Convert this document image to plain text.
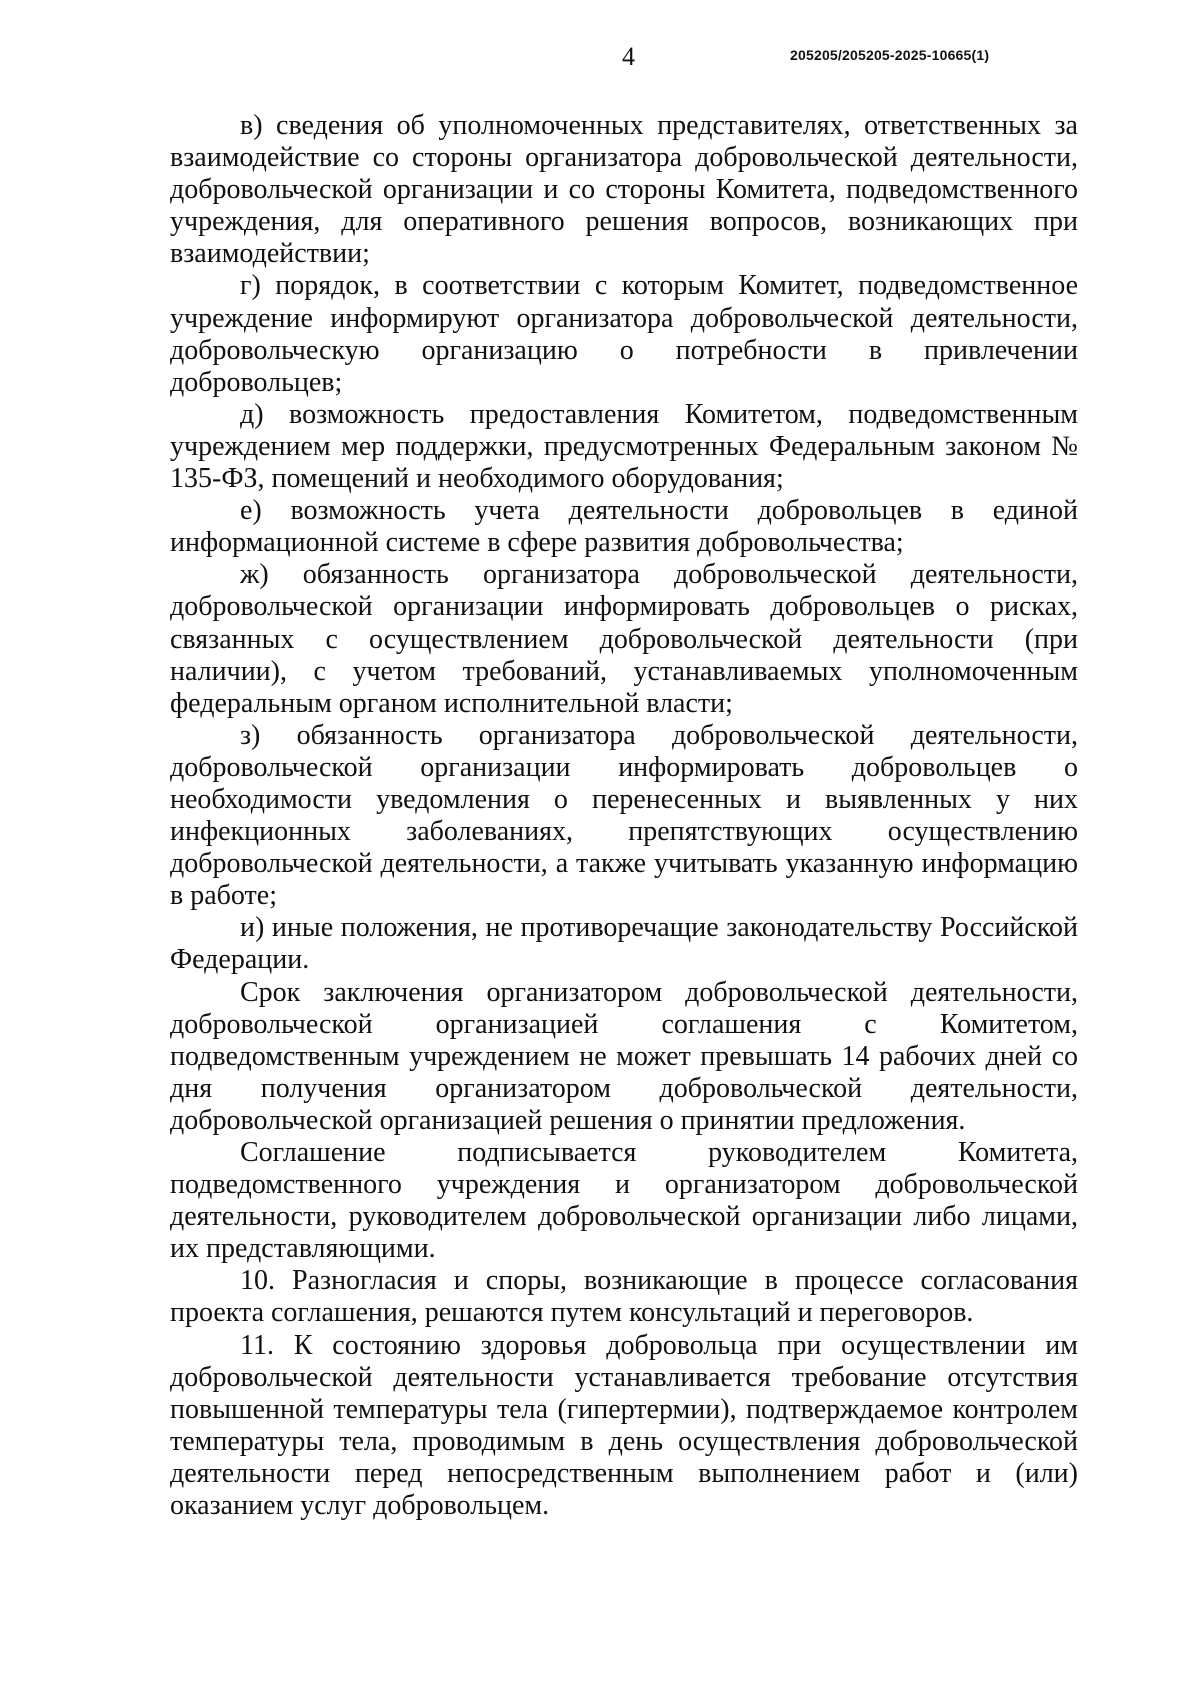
4	205205/205205-2025-10665(1)

в) сведения об уполномоченных представителях, ответственных за взаимодействие со стороны организатора добровольческой деятельности, добровольческой организации и со стороны Комитета, подведомственного учреждения, для оперативного решения вопросов, возникающих при взаимодействии;

г) порядок, в соответствии с которым Комитет, подведомственное учреждение информируют организатора добровольческой деятельности, добровольческую организацию о потребности в привлечении добровольцев;

д) возможность предоставления Комитетом, подведомственным учреждением мер поддержки, предусмотренных Федеральным законом № 135-ФЗ, помещений и необходимого оборудования;

е) возможность учета деятельности добровольцев в единой информационной системе в сфере развития добровольчества;

ж) обязанность организатора добровольческой деятельности, добровольческой организации информировать добровольцев о рисках, связанных с осуществлением добровольческой деятельности (при наличии), с учетом требований, устанавливаемых уполномоченным федеральным органом исполнительной власти;

з) обязанность организатора добровольческой деятельности, добровольческой организации информировать добровольцев о необходимости уведомления о перенесенных и выявленных у них инфекционных заболеваниях, препятствующих осуществлению добровольческой деятельности, а также учитывать указанную информацию в работе;

и) иные положения, не противоречащие законодательству Российской Федерации.

Срок заключения организатором добровольческой деятельности, добровольческой организацией соглашения с Комитетом, подведомственным учреждением не может превышать 14 рабочих дней со дня получения организатором добровольческой деятельности, добровольческой организацией решения о принятии предложения.

Соглашение подписывается руководителем Комитета, подведомственного учреждения и организатором добровольческой деятельности, руководителем добровольческой организации либо лицами, их представляющими.

10. Разногласия и споры, возникающие в процессе согласования проекта соглашения, решаются путем консультаций и переговоров.

11. К состоянию здоровья добровольца при осуществлении им добровольческой деятельности устанавливается требование отсутствия повышенной температуры тела (гипертермии), подтверждаемое контролем температуры тела, проводимым в день осуществления добровольческой деятельности перед непосредственным выполнением работ и (или) оказанием услуг добровольцем.
